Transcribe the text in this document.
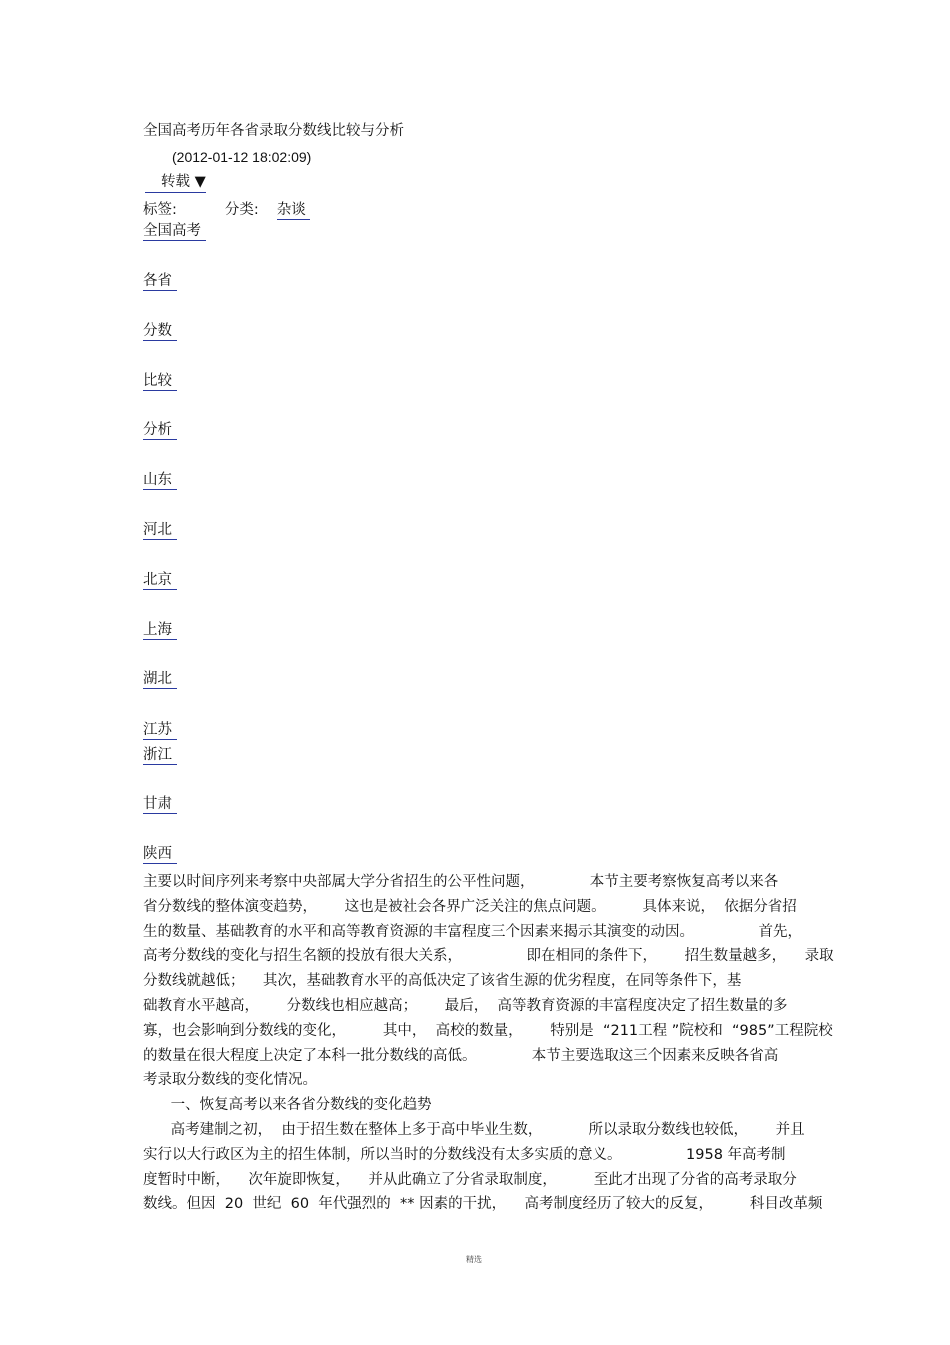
全国高考历年各省录取分数线比较与分析
(2012-01-12 18:02:09)
转载 ▼
标签:	分类: 杂谈
全国高考
各省
分数
比较
分析
山东
河北
北京
上海
湖北
江苏
浙江
甘肃
陕西
主要以时间序列来考察中央部属大学分省招生的公平性问题，            本节主要考察恢复高考以来各
省分数线的整体演变趋势，      这也是被社会各界广泛关注的焦点问题。        具体来说，  依据分省招
生的数量、基础教育的水平和高等教育资源的丰富程度三个因素来揭示其演变的动因。              首先，
高考分数线的变化与招生名额的投放有很大关系，              即在相同的条件下，      招生数量越多，    录取
分数线就越低；    其次，基础教育水平的高低决定了该省生源的优劣程度，在同等条件下，基
础教育水平越高，      分数线也相应越高；      最后，  高等教育资源的丰富程度决定了招生数量的多
寡，也会影响到分数线的变化，        其中，  高校的数量，      特别是  “211工程 ”院校和  “985”工程院校
的数量在很大程度上决定了本科一批分数线的高低。            本节主要选取这三个因素来反映各省高
考录取分数线的变化情况。
一、恢复高考以来各省分数线的变化趋势
高考建制之初，  由于招生数在整体上多于高中毕业生数，          所以录取分数线也较低，      并且
实行以大行政区为主的招生体制，所以当时的分数线没有太多实质的意义。              1958 年高考制
度暂时中断，    次年旋即恢复，    并从此确立了分省录取制度，        至此才出现了分省的高考录取分
数线。但因  20  世纪  60  年代强烈的  ** 因素的干扰，    高考制度经历了较大的反复，        科目改革频
精选
